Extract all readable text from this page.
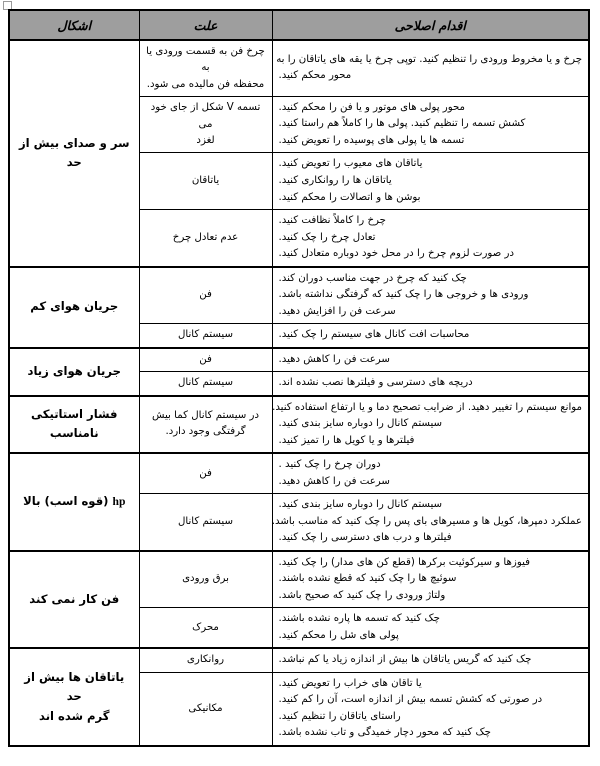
اقدام اصلاحی	علت	اشکال

چرخ و یا مخروط ورودی را تنظیم کنید. توپی چرخ یا یقه های یاتاقان را به
محور محکم کنید.	چرخ فن به قسمت ورودی یا به
محفظه فن مالیده می شود.	سر و صدای بیش از حد

محور پولی های موتور و یا فن را محکم کنید.
کشش تسمه را تنظیم کنید. پولی ها را کاملاً هم راستا کنید.
تسمه ها یا پولی های پوسیده را تعویض کنید.	تسمه V شکل از جای خود می
لغزد	

یاتاقان های معیوب را تعویض کنید.
یاتاقان ها را روانکاری کنید.
بوشن ها و اتصالات را محکم کنید.	یاتاقان	

چرخ را کاملاً نظافت کنید.
تعادل چرخ را چک کنید.
در صورت لزوم چرخ را در محل خود دوباره متعادل کنید.	عدم تعادل چرخ	

چک کنید که چرخ در جهت مناسب دوران کند.
ورودی ها و خروجی ها را چک کنید که گرفتگی نداشته باشد.
سرعت فن را افزایش دهید.	فن	جریان هوای کم

محاسبات افت کانال های سیستم را چک کنید.	سیستم کانال	

سرعت فن را کاهش دهید.	فن	جریان هوای زیاد

دریچه های دسترسی و فیلترها نصب نشده اند.	سیستم کانال	

موانع سیستم را تغییر دهید. از ضرایب تصحیح دما و یا ارتفاع استفاده کنید.
سیستم کانال را دوباره سایز بندی کنید.
فیلترها و یا کویل ها را تمیز کنید.	در سیستم کانال کما بیش
گرفتگی وجود دارد.	فشار استاتیکی نامناسب

دوران چرخ را چک کنید .
سرعت فن را کاهش دهید.	فن	hp (قوه اسب) بالا

سیستم کانال را دوباره سایز بندی کنید.
عملکرد دمپرها، کویل ها و مسیرهای بای پس را چک کنید که مناسب باشد.
فیلترها و درب های دسترسی را چک کنید.	سیستم کانال	

فیوزها و سیرکوئیت برکرها (قطع کن های مدار) را چک کنید.
سوئیچ ها را چک کنید که قطع نشده باشند.
ولتاژ ورودی را چک کنید که صحیح باشد.	برق ورودی	فن کار نمی کند

چک کنید که تسمه ها پاره نشده باشند.
پولی های شل را محکم کنید.	محرک	

چک کنید که گریس یاتاقان ها بیش از اندازه زیاد یا کم نباشد.	روانکاری	یاتاقان ها بیش از حد
گرم شده اند

یا تاقان های خراب را تعویض کنید.
در صورتی که کشش تسمه بیش از اندازه است، آن را کم کنید.
راستای یاتاقان را تنظیم کنید.
چک کنید که محور دچار خمیدگی و تاب نشده باشد.	مکانیکی	
